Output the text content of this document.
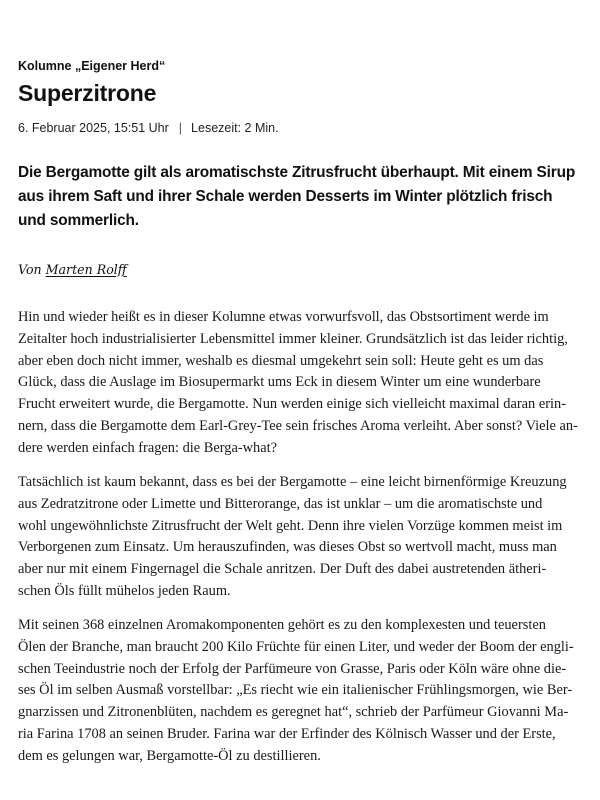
Kolumne „Eigener Herd“
Superzitrone
6. Februar 2025, 15:51 Uhr | Lesezeit: 2 Min.

Die Bergamotte gilt als aromatischste Zitrusfrucht überhaupt. Mit einem Sirup aus ihrem Saft und ihrer Schale werden Desserts im Winter plötzlich frisch und sommerlich.

Von Marten Rolff

Hin und wieder heißt es in dieser Kolumne etwas vorwurfsvoll, das Obstsortiment werde im
Zeitalter hoch industrialisierter Lebensmittel immer kleiner. Grundsätzlich ist das leider richtig,
aber eben doch nicht immer, weshalb es diesmal umgekehrt sein soll: Heute geht es um das
Glück, dass die Auslage im Biosupermarkt ums Eck in diesem Winter um eine wunderbare
Frucht erweitert wurde, die Bergamotte. Nun werden einige sich vielleicht maximal daran erin-
nern, dass die Bergamotte dem Earl-Grey-Tee sein frisches Aroma verleiht. Aber sonst? Viele an-
dere werden einfach fragen: die Berga-what?

Tatsächlich ist kaum bekannt, dass es bei der Bergamotte – eine leicht birnenförmige Kreuzung
aus Zedratzitrone oder Limette und Bitterorange, das ist unklar – um die aromatischste und
wohl ungewöhnlichste Zitrusfrucht der Welt geht. Denn ihre vielen Vorzüge kommen meist im
Verborgenen zum Einsatz. Um herauszufinden, was dieses Obst so wertvoll macht, muss man
aber nur mit einem Fingernagel die Schale anritzen. Der Duft des dabei austretenden ätheri-
schen Öls füllt mühelos jeden Raum.

Mit seinen 368 einzelnen Aromakomponenten gehört es zu den komplexesten und teuersten
Ölen der Branche, man braucht 200 Kilo Früchte für einen Liter, und weder der Boom der engli-
schen Teeindustrie noch der Erfolg der Parfümeure von Grasse, Paris oder Köln wäre ohne die-
ses Öl im selben Ausmaß vorstellbar: „Es riecht wie ein italienischer Frühlingsmorgen, wie Ber-
gnarzissen und Zitronenblüten, nachdem es geregnet hat“, schrieb der Parfümeur Giovanni Ma-
ria Farina 1708 an seinen Bruder. Farina war der Erfinder des Kölnisch Wasser und der Erste,
dem es gelungen war, Bergamotte-Öl zu destillieren.
